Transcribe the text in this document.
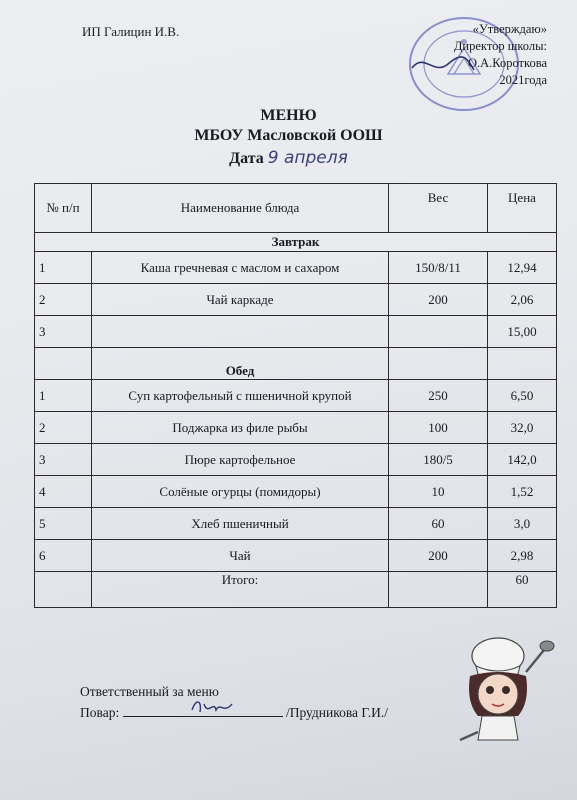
ИП Галицин И.В.	«Утверждаю»
Директор школы:
О.А.Короткова
2021года
МЕНЮ
МБОУ Масловской ООШ
Дата 9 апреля
№ п/п	Наименование блюда	Вес	Цена
Завтрак			
1	Каша гречневая с маслом и сахаром	150/8/11	12,94
2	Чай каркаде	200	2,06
3			15,00
	Обед		
1	Суп картофельный с пшеничной крупой	250	6,50
2	Поджарка из филе рыбы	100	32,0
3	Пюре картофельное	180/5	142,0
4	Солёные огурцы (помидоры)	10	1,52
5	Хлеб пшеничный	60	3,0
6	Чай	200	2,98
	Итого:		60
Ответственный за меню
Повар:	/Прудникова Г.И./
